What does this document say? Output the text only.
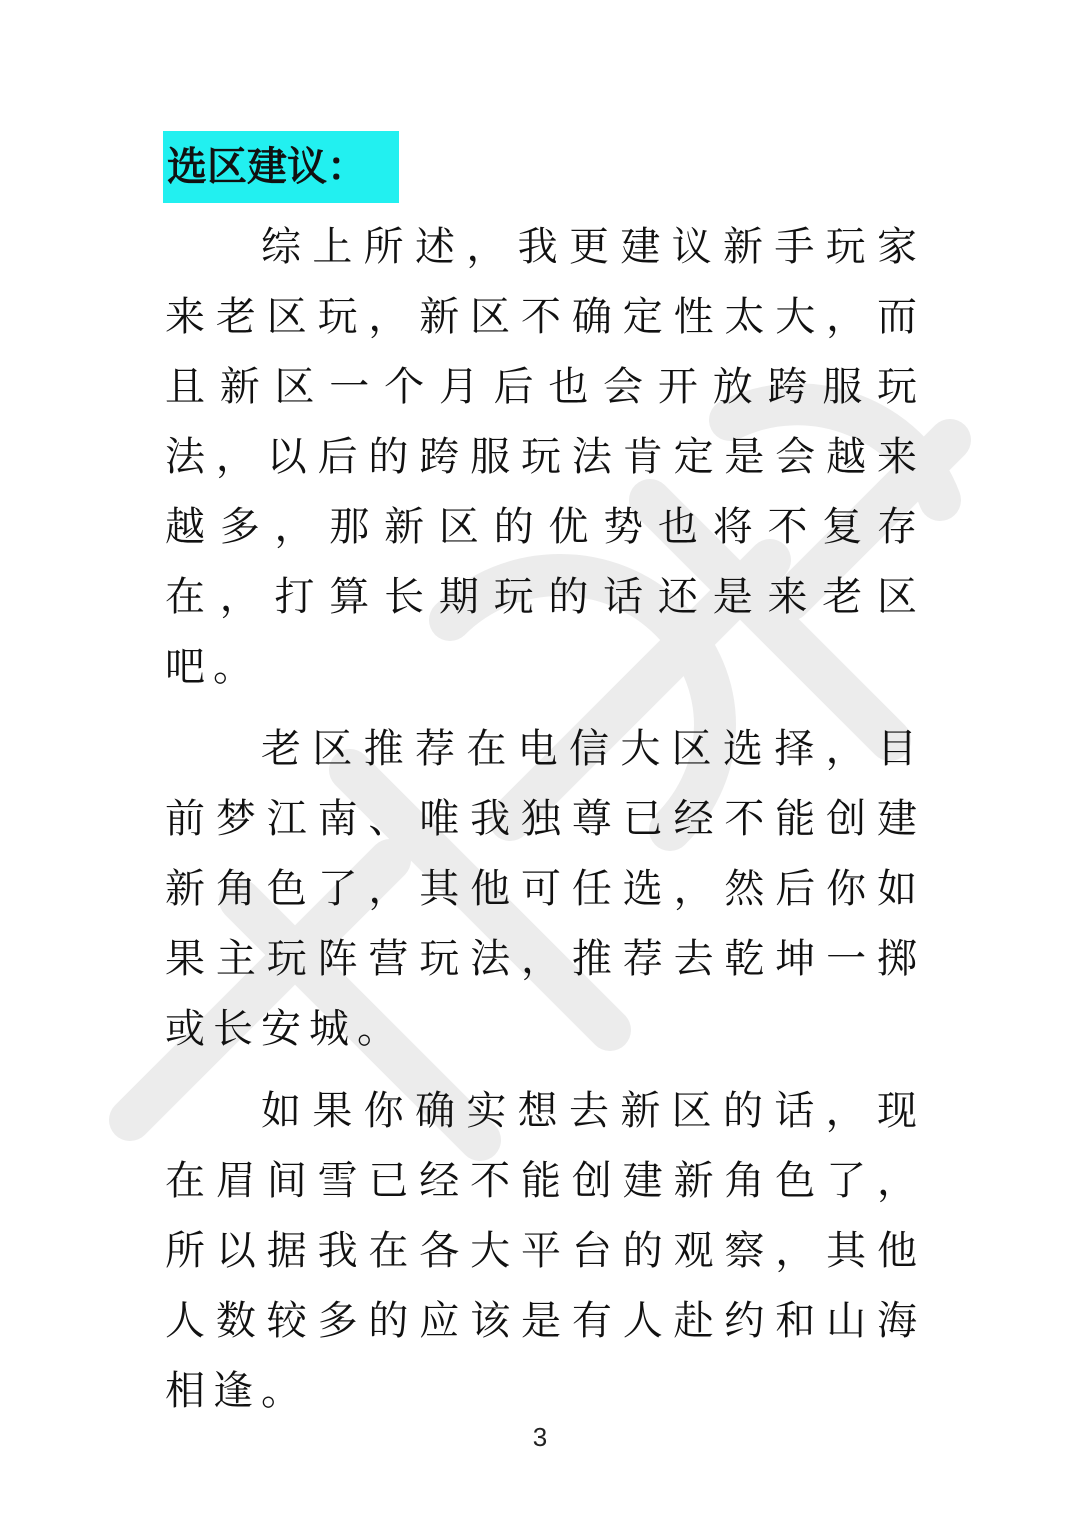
选区建议：

综上所述，我更建议新手玩家来老区玩，新区不确定性太大，而且新区一个月后也会开放跨服玩法，以后的跨服玩法肯定是会越来越多，那新区的优势也将不复存在，打算长期玩的话还是来老区吧。

老区推荐在电信大区选择，目前梦江南、唯我独尊已经不能创建新角色了，其他可任选，然后你如果主玩阵营玩法，推荐去乾坤一掷或长安城。

如果你确实想去新区的话，现在眉间雪已经不能创建新角色了，所以据我在各大平台的观察，其他人数较多的应该是有人赴约和山海相逢。

3
